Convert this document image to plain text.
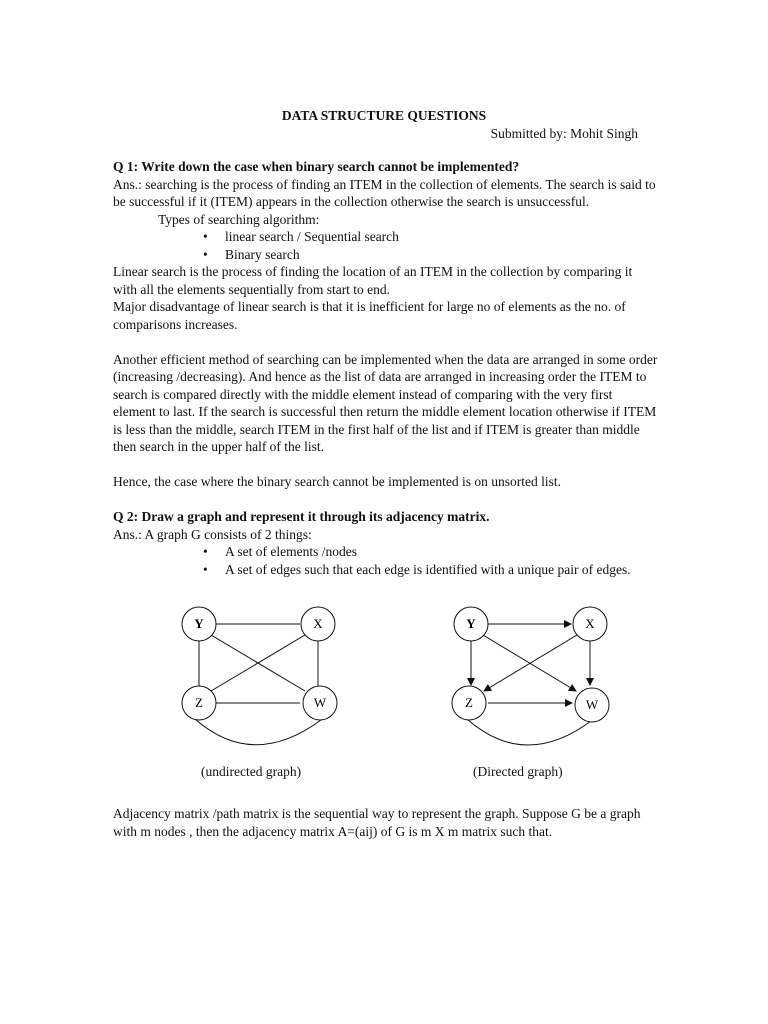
DATA STRUCTURE QUESTIONS
Submitted by: Mohit Singh

Q 1: Write down the case when binary search cannot be implemented?

Ans.: searching is the process of finding an ITEM in the collection of elements. The search is said to be successful if it (ITEM) appears in the collection otherwise the search is unsuccessful.

Types of searching algorithm:

• linear search / Sequential search
• Binary search

Linear search is the process of finding the location of an ITEM in the collection by comparing it with all the elements sequentially from start to end.

Major disadvantage of linear search is that it is inefficient for large no of elements as the no. of comparisons increases.

Another efficient method of searching can be implemented when the data are arranged in some order (increasing /decreasing). And hence as the list of data are arranged in increasing order the ITEM to search is compared directly with the middle element instead of comparing with the very first element to last. If the search is successful then return the middle element location otherwise if ITEM is less than the middle, search ITEM in the first half of the list and if ITEM is greater than middle then search in the upper half of the list.

Hence, the case where the binary search cannot be implemented is on unsorted list.

Q 2: Draw a graph and represent it through its adjacency matrix.

Ans.: A graph G consists of 2 things:

• A set of elements /nodes
• A set of edges such that each edge is identified with a unique pair of edges.
Y	X
Z	W
Y	X
Z	W
(undirected graph)	(Directed graph)

Adjacency matrix /path matrix is the sequential way to represent the graph. Suppose G be a graph with m nodes , then the adjacency matrix A=(aij) of G is m X m matrix such that.
